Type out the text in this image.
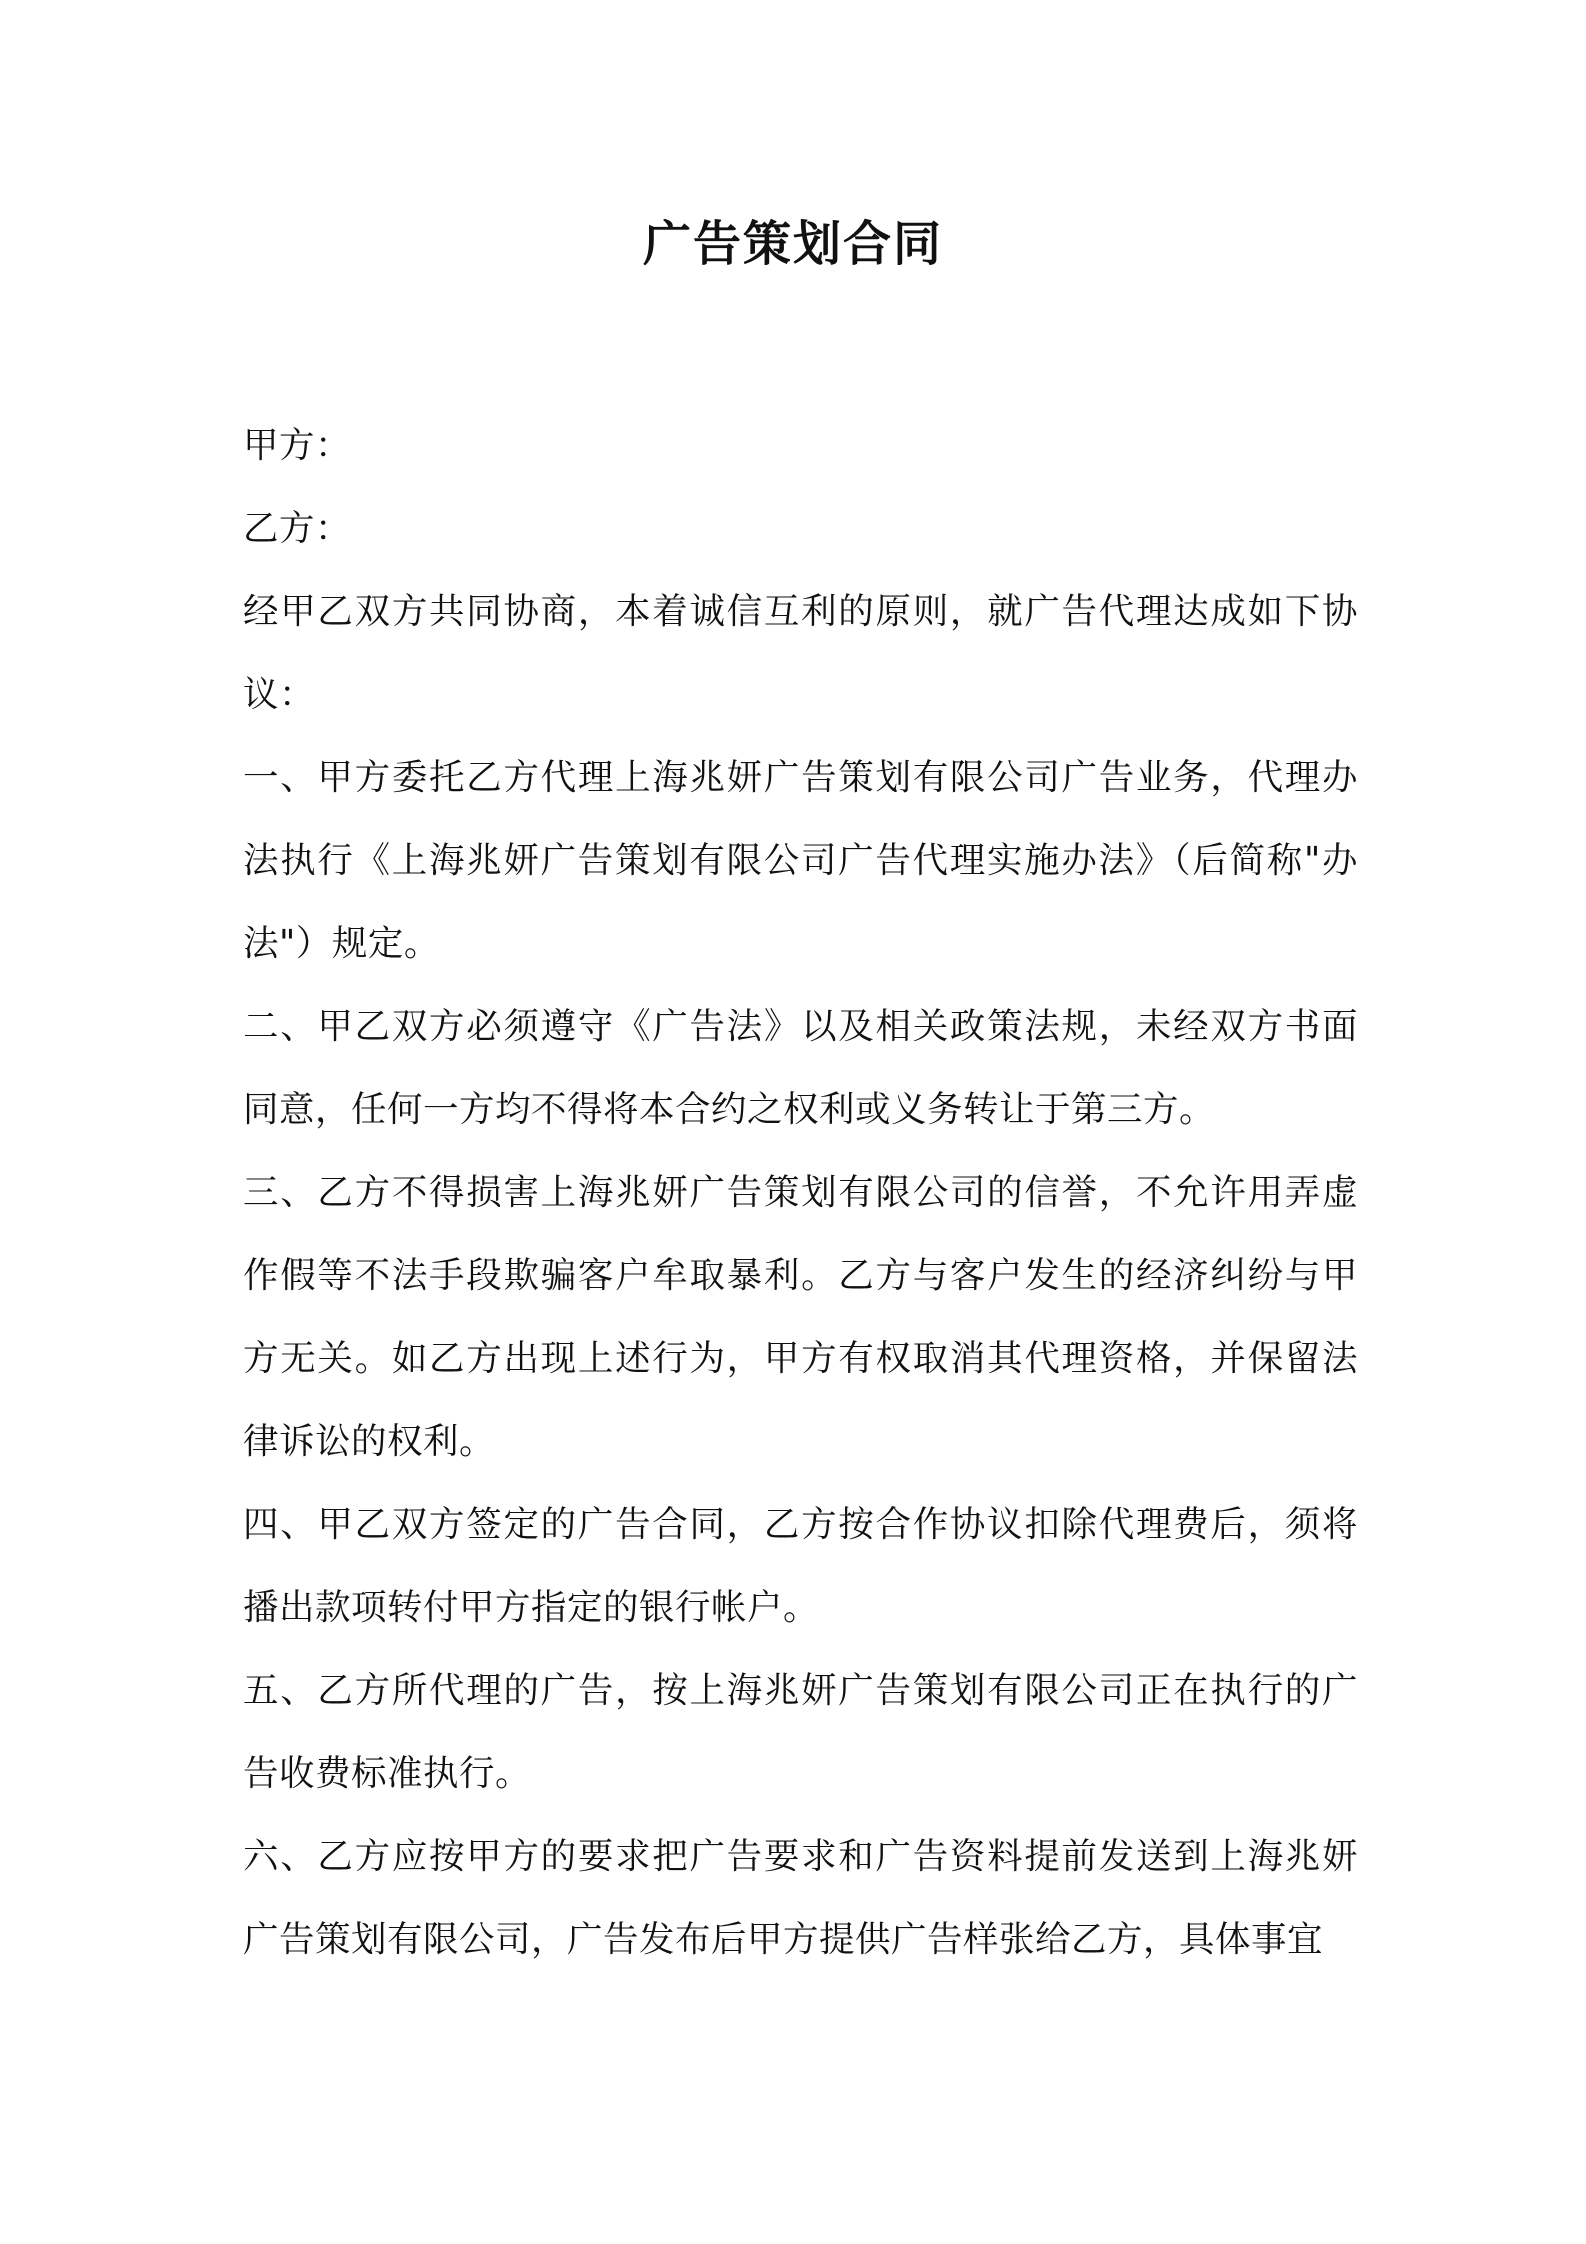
广告策划合同

甲方：

乙方：

经甲乙双方共同协商，本着诚信互利的原则，就广告代理达成如下协议：

一、甲方委托乙方代理上海兆妍广告策划有限公司广告业务，代理办法执行《上海兆妍广告策划有限公司广告代理实施办法》（后简称"办法"）规定。

二、甲乙双方必须遵守《广告法》以及相关政策法规，未经双方书面同意，任何一方均不得将本合约之权利或义务转让于第三方。

三、乙方不得损害上海兆妍广告策划有限公司的信誉，不允许用弄虚作假等不法手段欺骗客户牟取暴利。乙方与客户发生的经济纠纷与甲方无关。如乙方出现上述行为，甲方有权取消其代理资格，并保留法律诉讼的权利。

四、甲乙双方签定的广告合同，乙方按合作协议扣除代理费后，须将播出款项转付甲方指定的银行帐户。

五、乙方所代理的广告，按上海兆妍广告策划有限公司正在执行的广告收费标准执行。

六、乙方应按甲方的要求把广告要求和广告资料提前发送到上海兆妍广告策划有限公司，广告发布后甲方提供广告样张给乙方，具体事宜
